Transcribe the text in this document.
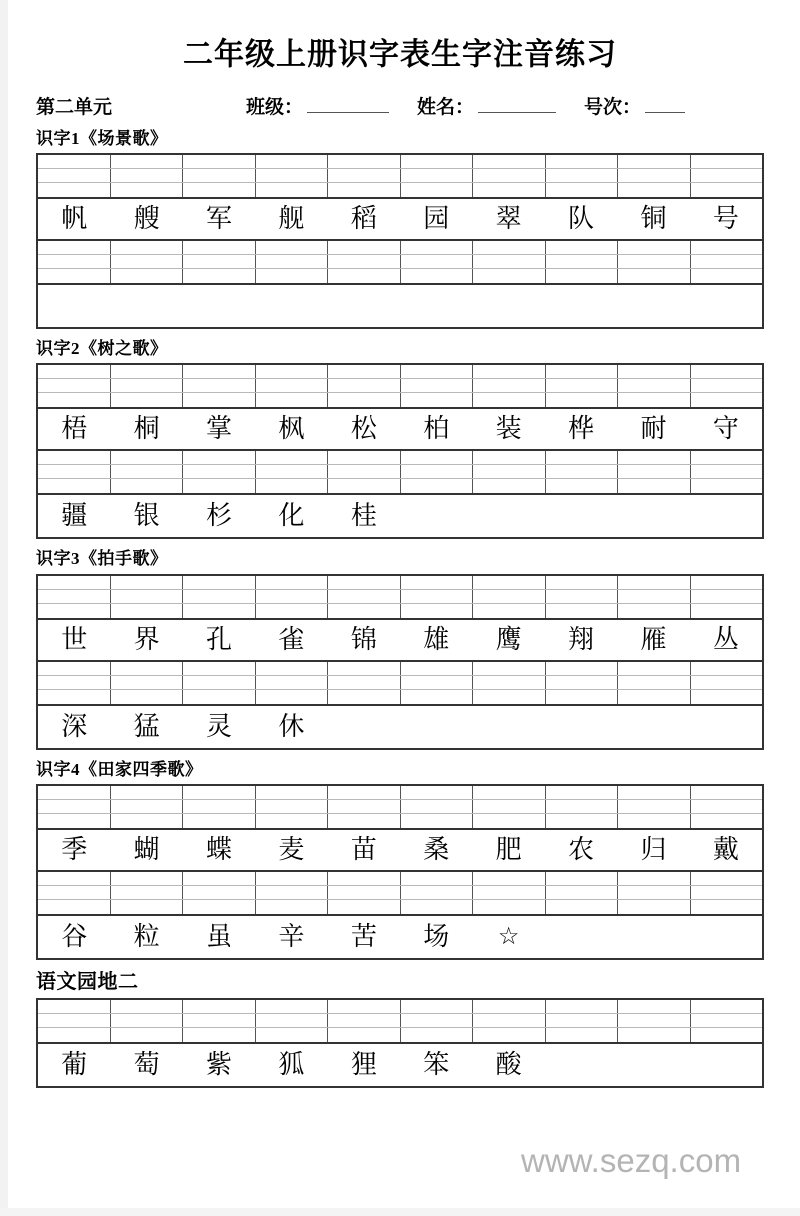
二年级上册识字表生字注音练习
第二单元	班级：	姓名：	号次：
识字1《场景歌》
帆	艘	军	舰	稻	园	翠	队	铜	号
识字2《树之歌》
梧	桐	掌	枫	松	柏	装	桦	耐	守
疆	银	杉	化	桂
识字3《拍手歌》
世	界	孔	雀	锦	雄	鹰	翔	雁	丛
深	猛	灵	休
识字4《田家四季歌》
季	蝴	蝶	麦	苗	桑	肥	农	归	戴
谷	粒	虽	辛	苦	场	☆
语文园地二
葡	萄	紫	狐	狸	笨	酸
www.sezq.com
